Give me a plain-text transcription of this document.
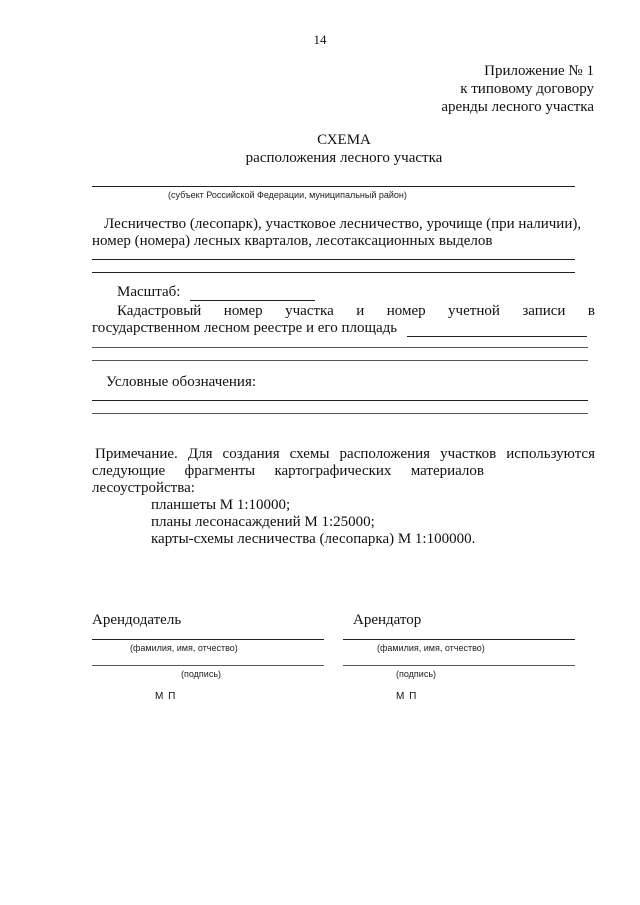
14
Приложение № 1
к типовому договору
аренды лесного участка
СХЕМА
расположения лесного участка
(субъект Российской Федерации, муниципальный район)
Лесничество (лесопарк), участковое лесничество, урочище (при наличии),
номер (номера) лесных кварталов, лесотаксационных выделов
Масштаб:
Кадастровый номер участка и номер учетной записи в
государственном лесном реестре и его площадь
Условные обозначения:
Примечание. Для создания схемы расположения участков используются
следующие фрагменты картографических материалов
лесоустройства:
планшеты М 1:10000;
планы лесонасаждений М 1:25000;
карты-схемы лесничества (лесопарка) М 1:100000.
Арендодатель
(фамилия, имя, отчество)
(подпись)
М П
Арендатор
(фамилия, имя, отчество)
(подпись)
М П
